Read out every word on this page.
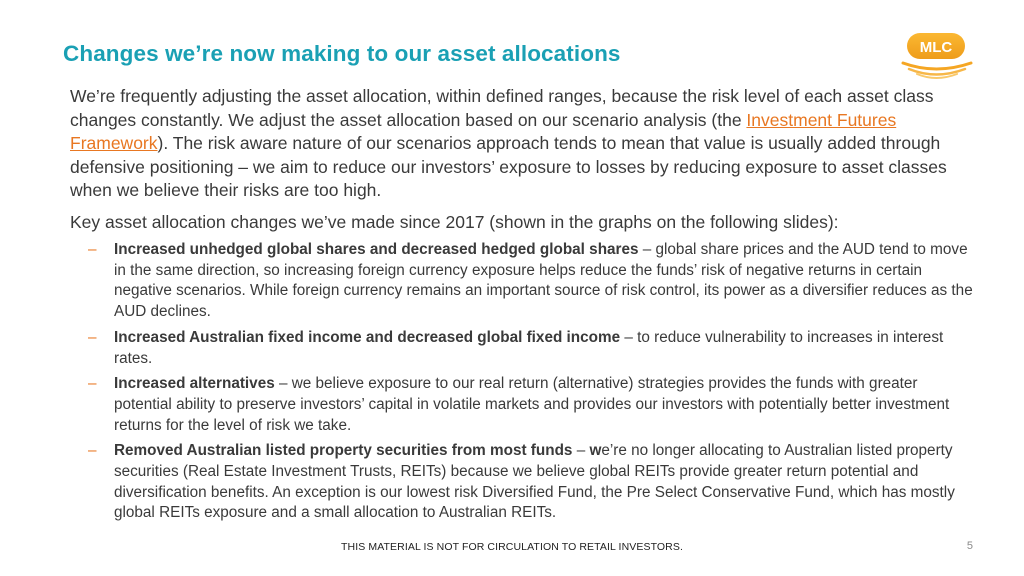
Changes we’re now making to our asset allocations	MLC

We’re frequently adjusting the asset allocation, within defined ranges, because the risk level of each asset class changes constantly. We adjust the asset allocation based on our scenario analysis (the Investment Futures Framework). The risk aware nature of our scenarios approach tends to mean that value is usually added through defensive positioning – we aim to reduce our investors’ exposure to losses by reducing exposure to asset classes when we believe their risks are too high.

Key asset allocation changes we’ve made since 2017 (shown in the graphs on the following slides):

– Increased unhedged global shares and decreased hedged global shares – global share prices and the AUD tend to move in the same direction, so increasing foreign currency exposure helps reduce the funds’ risk of negative returns in certain negative scenarios. While foreign currency remains an important source of risk control, its power as a diversifier reduces as the AUD declines.
– Increased Australian fixed income and decreased global fixed income – to reduce vulnerability to increases in interest rates.
– Increased alternatives – we believe exposure to our real return (alternative) strategies provides the funds with greater potential ability to preserve investors’ capital in volatile markets and provides our investors with potentially better investment returns for the level of risk we take.
– Removed Australian listed property securities from most funds – we’re no longer allocating to Australian listed property securities (Real Estate Investment Trusts, REITs) because we believe global REITs provide greater return potential and diversification benefits. An exception is our lowest risk Diversified Fund, the Pre Select Conservative Fund, which has mostly global REITs exposure and a small allocation to Australian REITs.
THIS MATERIAL IS NOT FOR CIRCULATION TO RETAIL INVESTORS.	5
